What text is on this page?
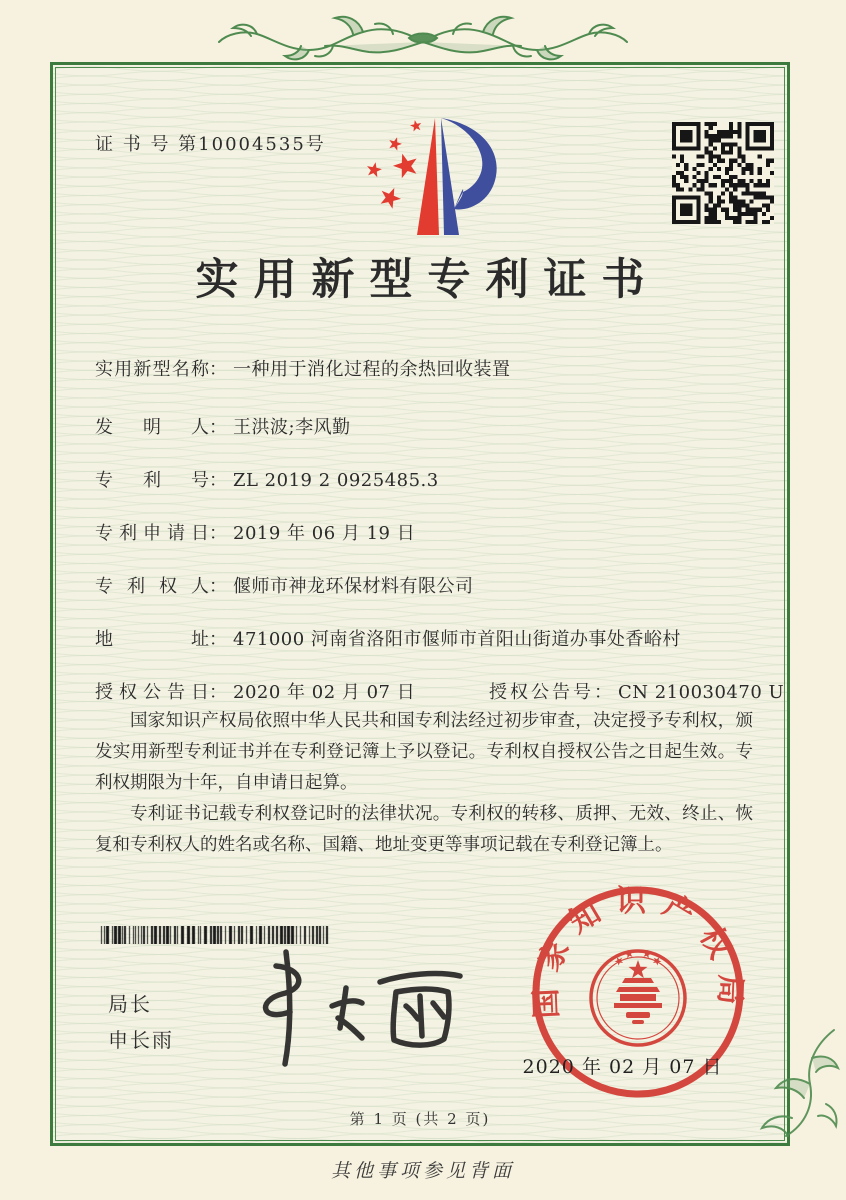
证 书 号 第10004535号
实用新型专利证书
实用新型名称： 一种用于消化过程的余热回收装置
发明人： 王洪波;李风勤
专利号： ZL 2019 2 0925485.3
专利申请日： 2019 年 06 月 19 日
专利权人： 偃师市神龙环保材料有限公司
地址： 471000 河南省洛阳市偃师市首阳山街道办事处香峪村
授权公告日： 2020 年 02 月 07 日	授权公告号： CN 210030470 U

国家知识产权局依照中华人民共和国专利法经过初步审查，决定授予专利权，颁发实用新型专利证书并在专利登记簿上予以登记。专利权自授权公告之日起生效。专利权期限为十年，自申请日起算。

专利证书记载专利权登记时的法律状况。专利权的转移、质押、无效、终止、恢复和专利权人的姓名或名称、国籍、地址变更等事项记载在专利登记簿上。

局长
申长雨
国家知识产权局
2020 年 02 月 07 日
第 1 页 (共 2 页)
其他事项参见背面
